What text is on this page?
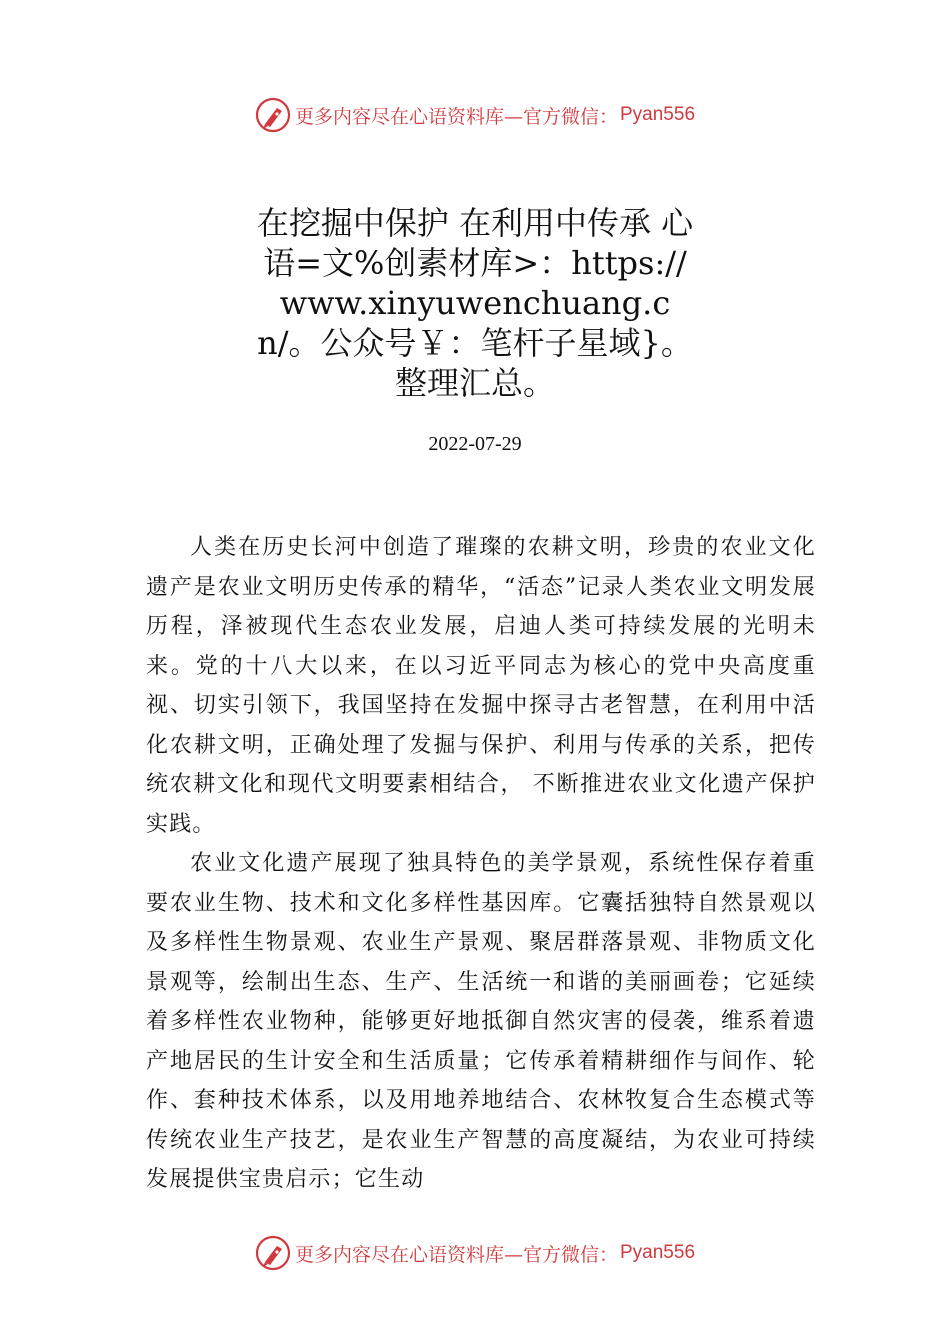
更多内容尽在心语资料库—官方微信： Pyan556
在挖掘中保护 在利用中传承 心语=文%创素材库>：https://www.xinyuwenchuang.cn/。公众号￥：笔杆子星域}。整理汇总。
2022-07-29

人类在历史长河中创造了璀璨的农耕文明，珍贵的农业文化遗产是农业文明历史传承的精华，“活态”记录人类农业文明发展历程，泽被现代生态农业发展，启迪人类可持续发展的光明未来。党的十八大以来，在以习近平同志为核心的党中央高度重视、切实引领下，我国坚持在发掘中探寻古老智慧，在利用中活化农耕文明，正确处理了发掘与保护、利用与传承的关系，把传统农耕文化和现代文明要素相结合， 不断推进农业文化遗产保护实践。

农业文化遗产展现了独具特色的美学景观，系统性保存着重要农业生物、技术和文化多样性基因库。它囊括独特自然景观以及多样性生物景观、农业生产景观、聚居群落景观、非物质文化景观等，绘制出生态、生产、生活统一和谐的美丽画卷；它延续着多样性农业物种，能够更好地抵御自然灾害的侵袭，维系着遗产地居民的生计安全和生活质量；它传承着精耕细作与间作、轮作、套种技术体系，以及用地养地结合、农林牧复合生态模式等传统农业生产技艺，是农业生产智慧的高度凝结，为农业可持续发展提供宝贵启示；它生动

更多内容尽在心语资料库—官方微信： Pyan556
